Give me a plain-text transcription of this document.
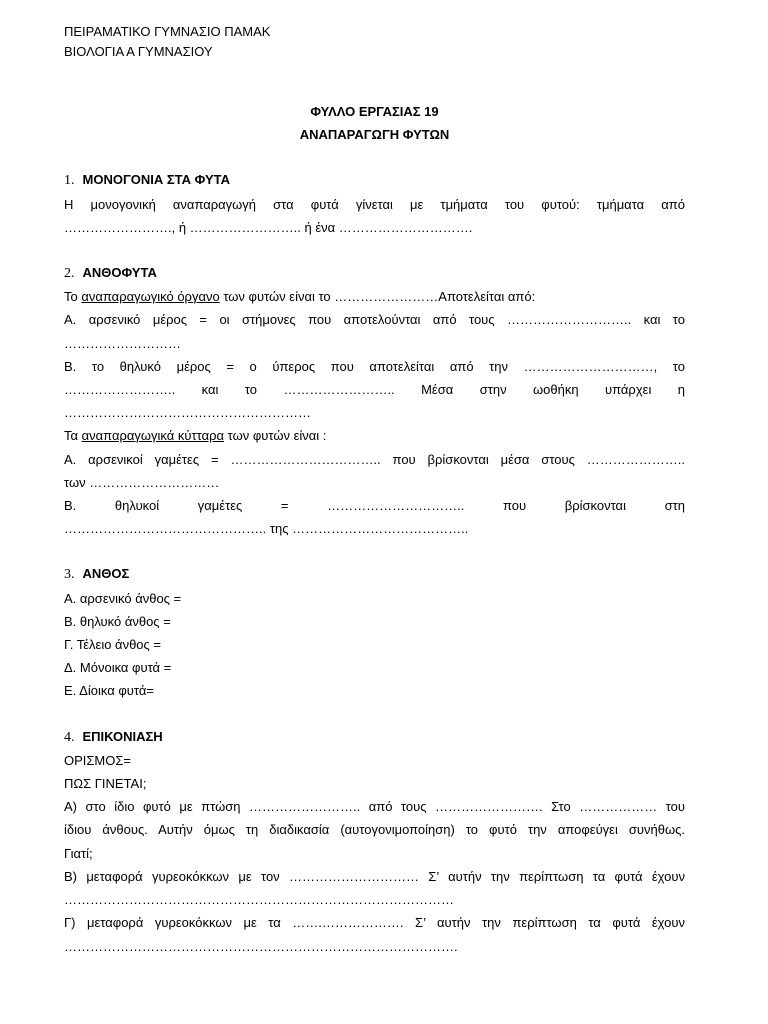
ΠΕΙΡΑΜΑΤΙΚΟ ΓΥΜΝΑΣΙΟ ΠΑΜΑΚ
ΒΙΟΛΟΓΙΑ Α ΓΥΜΝΑΣΙΟΥ
ΦΥΛΛΟ ΕΡΓΑΣΙΑΣ 19
ΑΝΑΠΑΡΑΓΩΓΗ ΦΥΤΩΝ
1. ΜΟΝΟΓΟΝΙΑ ΣΤΑ ΦΥΤΑ
Η μονογονική αναπαραγωγή στα φυτά γίνεται με τμήματα του φυτού: τμήματα από
……………………., ή …………………….. ή ένα ………………………….
2. ΑΝΘΟΦΥΤΑ
Το αναπαραγωγικό όργανο των φυτών είναι το ……………………Αποτελείται από:
Α. αρσενικό μέρος = οι στήμονες που αποτελούνται από τους ……………………….. και το
………………………
Β. το θηλυκό μέρος = ο ύπερος που αποτελείται από την …………………………, το
…………………….. και το …………………….. Μέσα στην ωοθήκη υπάρχει η
…………………………………………………
Τα αναπαραγωγικά κύτταρα των φυτών είναι :
Α. αρσενικοί γαμέτες = …………………………….. που βρίσκονται μέσα στους …………………..
των …………………………
Β. θηλυκοί γαμέτες = ………………………….. που βρίσκονται στη
……………………………………….. της …………………………………..
3. ΑΝΘΟΣ
Α. αρσενικό άνθος =
Β. θηλυκό άνθος =
Γ. Τέλειο άνθος =
Δ. Μόνοικα φυτά =
Ε. Δίοικα φυτά=
4. ΕΠΙΚΟΝΙΑΣΗ
ΟΡΙΣΜΟΣ=
ΠΩΣ ΓΙΝΕΤΑΙ;
Α) στο ίδιο φυτό με πτώση …………………….. από τους ……………………. Στο ……………… του
ίδιου άνθους. Αυτήν όμως τη διαδικασία (αυτογονιμοποίηση) το φυτό την αποφεύγει συνήθως.
Γιατί;
Β) μεταφορά γυρεοκόκκων με τον ………………………… Σ’ αυτήν την περίπτωση τα φυτά έχουν
………………………………………………………………………………
Γ) μεταφορά γυρεοκόκκων με τα …….………………. Σ’ αυτήν την περίπτωση τα φυτά έχουν
……………………………………………………………………………….
